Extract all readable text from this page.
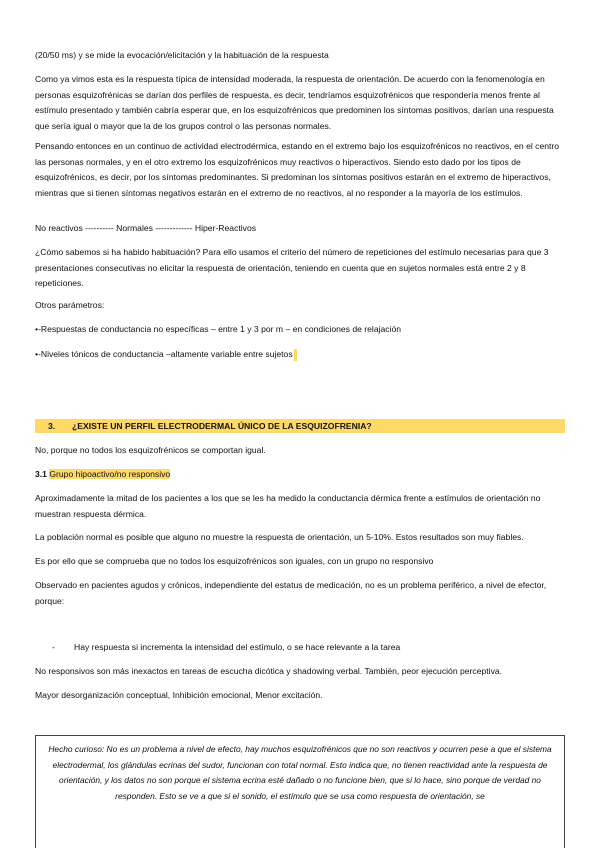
(20/50 ms) y se mide la evocación/elicitación y la habituación de la respuesta

Como ya vimos esta es la respuesta típica de intensidad moderada, la respuesta de orientación. De acuerdo con la fenomenología en personas esquizofrénicas se darían dos perfiles de respuesta, es decir, tendríamos esquizofrénicos que respondería menos frente al estímulo presentado y también cabría esperar que, en los esquizofrénicos que predominen los síntomas positivos, darían una respuesta que sería igual o mayor que la de los grupos control o las personas normales.

Pensando entonces en un continuo de actividad electrodérmica, estando en el extremo bajo los esquizofrénicos no reactivos, en el centro las personas normales, y en el otro extremo los esquizofrénicos muy reactivos o hiperactivos. Siendo esto dado por los tipos de esquizofrénicos, es decir, por los síntomas predominantes. Si predominan los síntomas positivos estarán en el extremo de hiperactivos, mientras que si tienen síntomas negativos estarán en el extremo de no reactivos, al no responder a la mayoría de los estímulos.

No reactivos ---------- Normales ------------- Hiper-Reactivos

¿Cómo sabemos si ha habido habituación? Para ello usamos el criterio del número de repeticiones del estímulo necesarias para que 3 presentaciones consecutivas no elicitar la respuesta de orientación, teniendo en cuenta que en sujetos normales está entre 2 y 8 repeticiones.

Otros parámetros:

•-Respuestas de conductancia no específicas – entre 1 y 3 por m – en condiciones de relajación

•-Niveles tónicos de conductancia –altamente variable entre sujetos

3. ¿EXISTE UN PERFIL ELECTRODERMAL ÚNICO DE LA ESQUIZOFRENIA?

No, porque no todos los esquizofrénicos se comportan igual.

3.1 Grupo hipoactivo/no responsivo

Aproximadamente la mitad de los pacientes a los que se les ha medido la conductancia dérmica frente a estímulos de orientación no muestran respuesta dérmica.

La población normal es posible que alguno no muestre la respuesta de orientación, un 5-10%. Estos resultados son muy fiables.

Es por ello que se comprueba que no todos los esquizofrénicos son iguales, con un grupo no responsivo

Observado en pacientes agudos y crónicos, independiente del estatus de medicación, no es un problema periférico, a nivel de efector, porque:

- Hay respuesta si incrementa la intensidad del estímulo, o se hace relevante a la tarea

No responsivos son más inexactos en tareas de escucha dicótica y shadowing verbal. También, peor ejecución perceptiva.

Mayor desorganización conceptual, Inhibición emocional, Menor excitación.

Hecho curioso: No es un problema a nivel de efecto, hay muchos esquizofrénicos que no son reactivos y ocurren pese a que el sistema electrodermal, los glándulas ecrinas del sudor, funcionan con total normal. Esto indica que, no tienen reactividad ante la respuesta de orientación, y los datos no son porque el sistema ecrina esté dañado o no funcione bien, que si lo hace, sino porque de verdad no responden. Esto se ve a que si el sonido, el estímulo que se usa como respuesta de orientación, se
